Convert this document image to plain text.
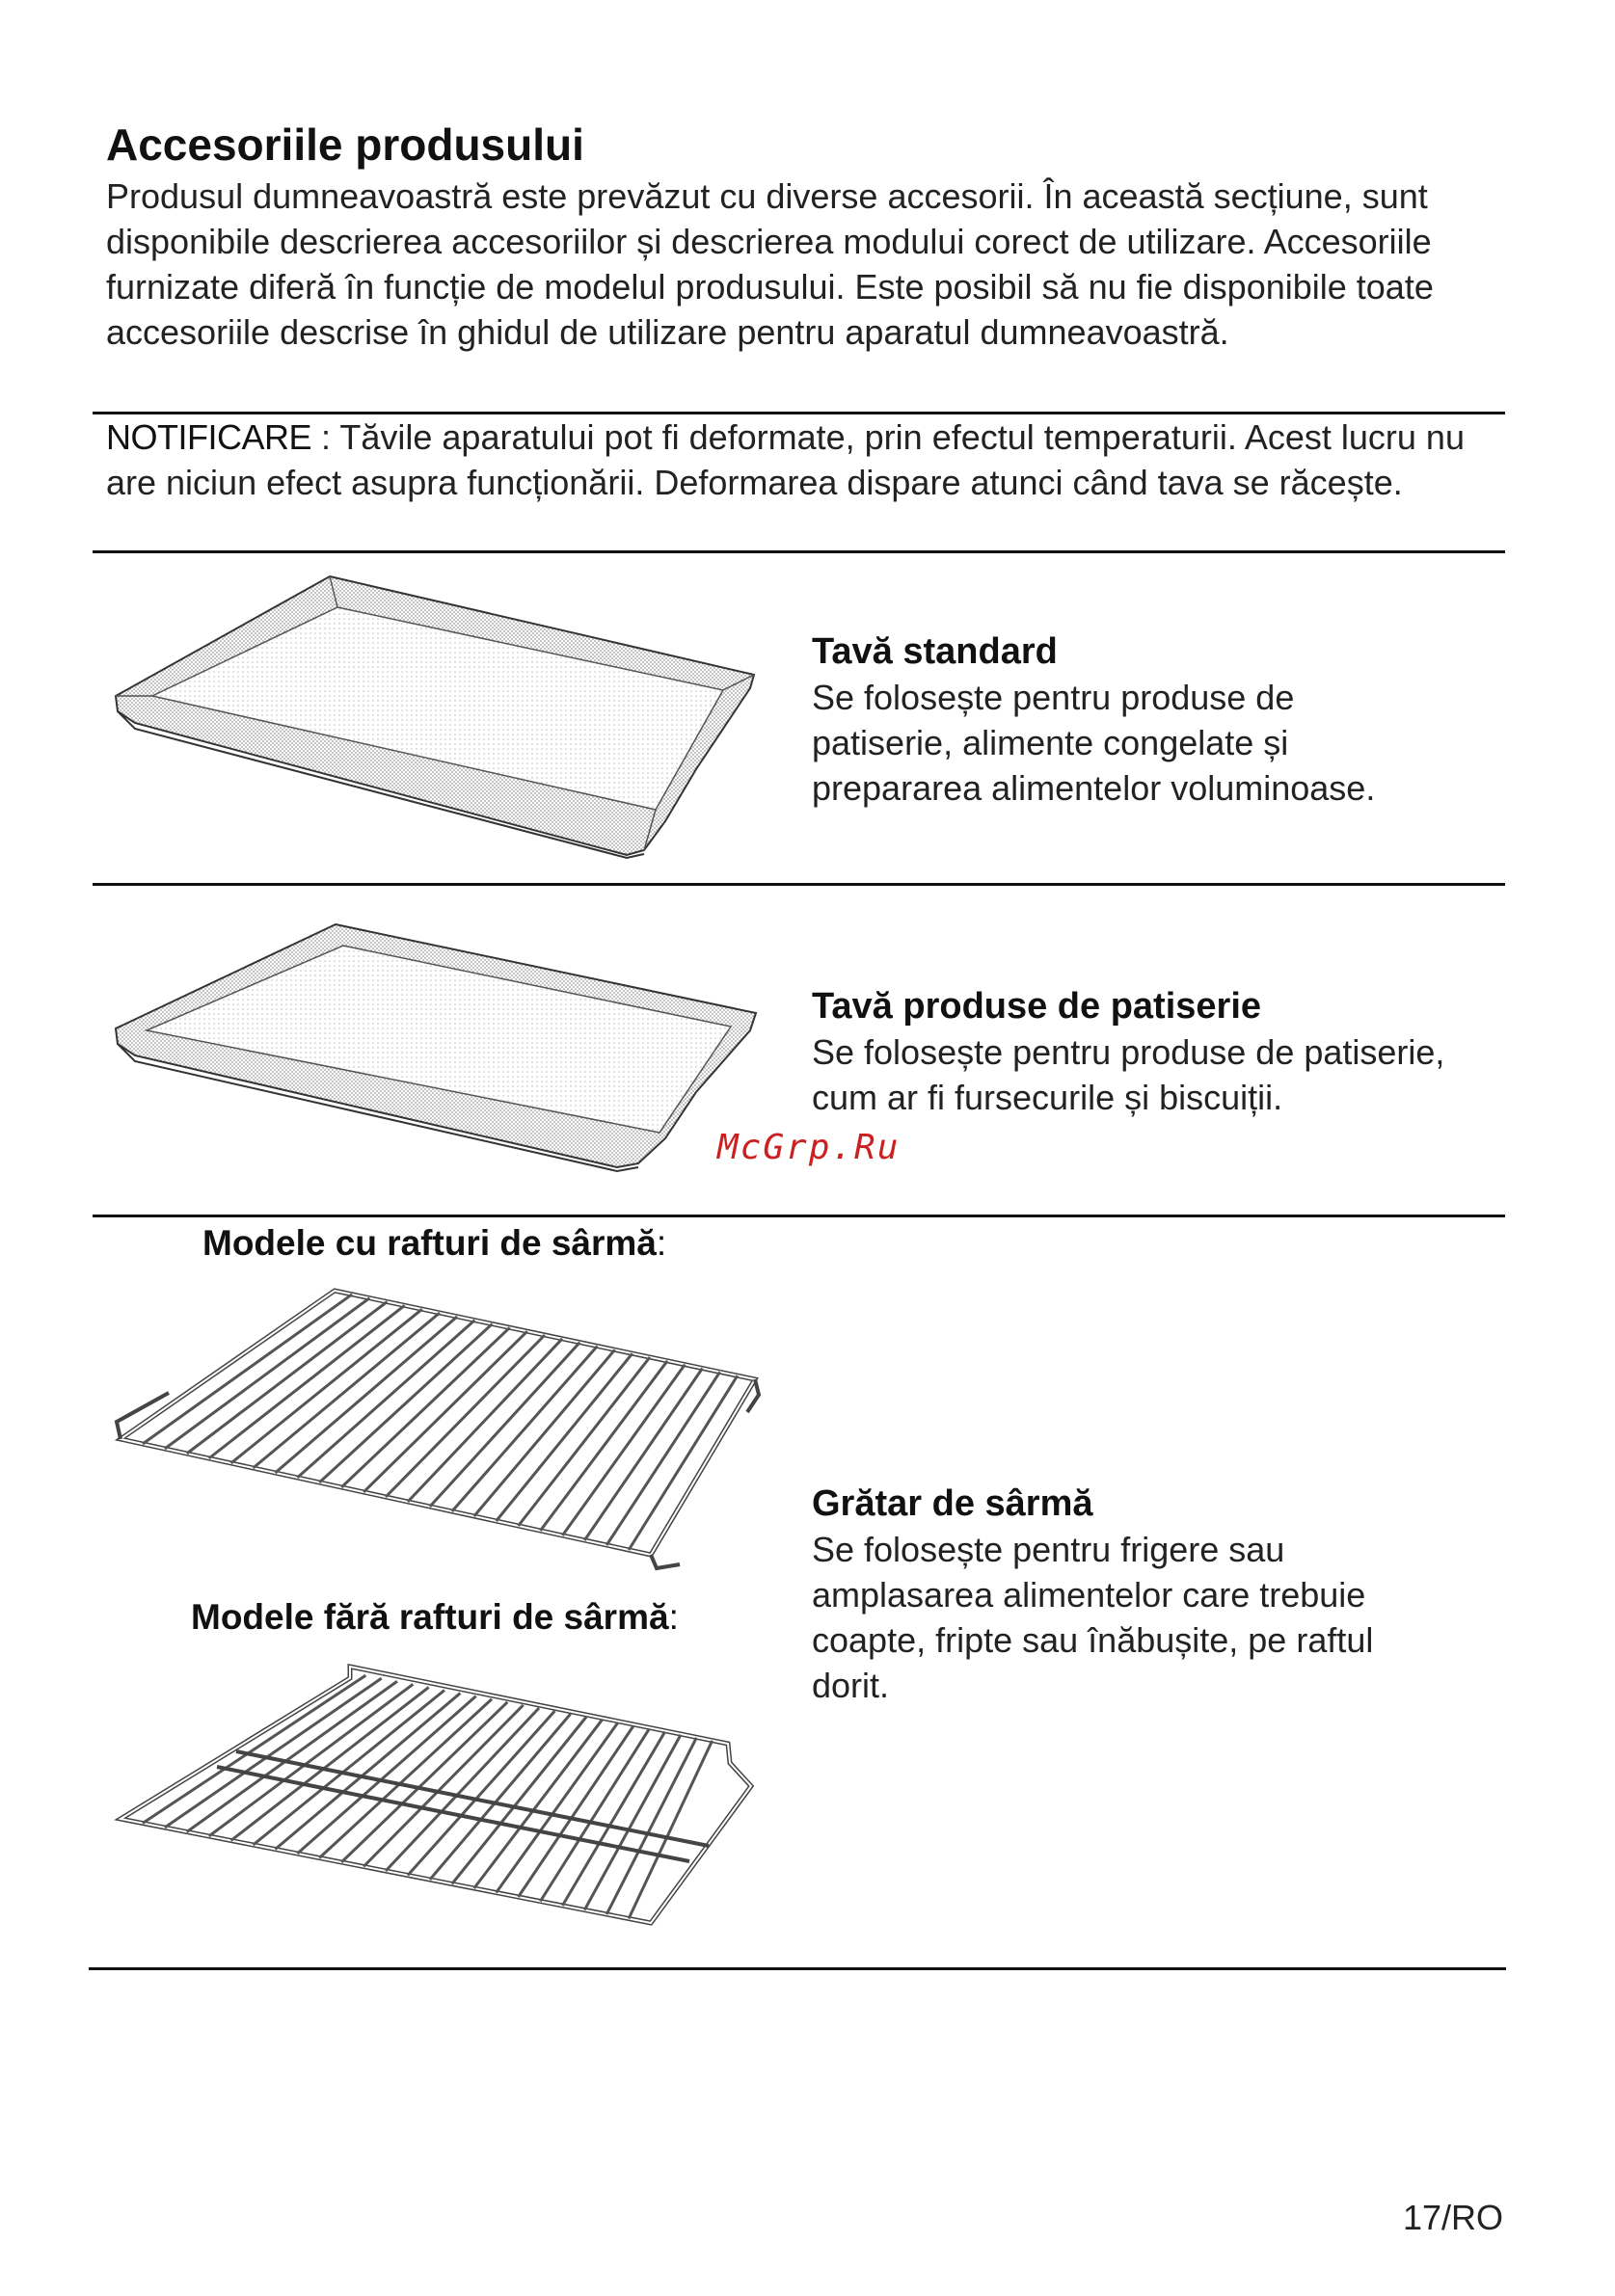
Accesoriile produsului

Produsul dumneavoastră este prevăzut cu diverse accesorii. În această secțiune, sunt disponibile descrierea accesoriilor și descrierea modului corect de utilizare. Accesoriile furnizate diferă în funcție de modelul produsului. Este posibil să nu fie disponibile toate accesoriile descrise în ghidul de utilizare pentru aparatul dumneavoastră.

NOTIFICARE : Tăvile aparatului pot fi deformate, prin efectul temperaturii. Acest lucru nu are niciun efect asupra funcționării. Deformarea dispare atunci când tava se răcește.

Tavă standard

Se folosește pentru produse de patiserie, alimente congelate și prepararea alimentelor voluminoase.

Tavă produse de patiserie

Se folosește pentru produse de patiserie, cum ar fi fursecurile și biscuiții.

McGrp.Ru

Modele cu rafturi de sârmă:

Modele fără rafturi de sârmă:

Grătar de sârmă

Se folosește pentru frigere sau amplasarea alimentelor care trebuie coapte, fripte sau înăbușite, pe raftul dorit.

17/RO
